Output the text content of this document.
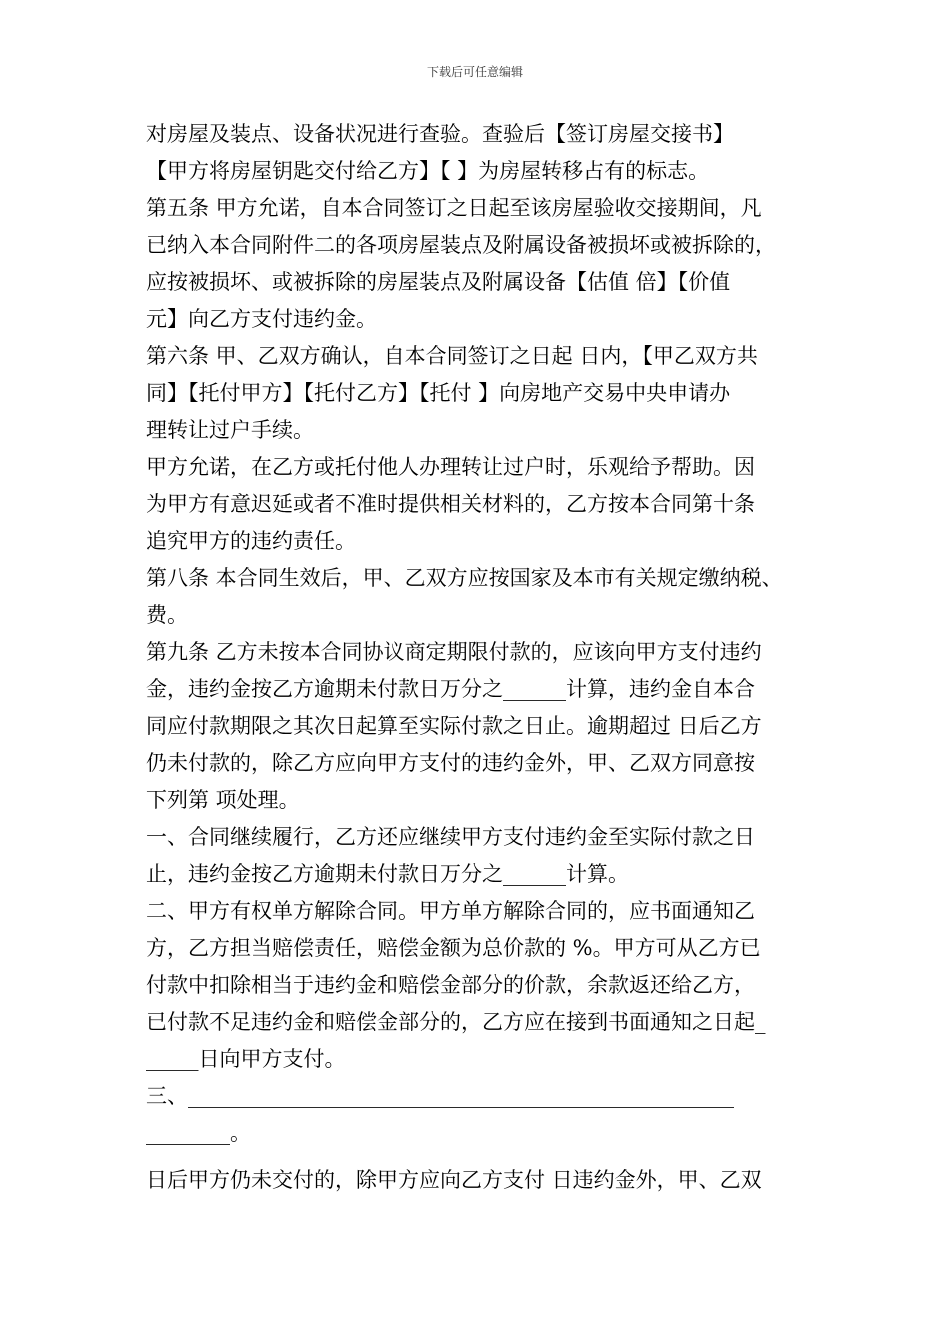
下载后可任意编辑
对房屋及装点、设备状况进行查验。查验后【签订房屋交接书】
【甲方将房屋钥匙交付给乙方】【 】为房屋转移占有的标志。
第五条 甲方允诺，自本合同签订之日起至该房屋验收交接期间，凡
已纳入本合同附件二的各项房屋装点及附属设备被损坏或被拆除的，
应按被损坏、或被拆除的房屋装点及附属设备【估值 倍】【价值
元】向乙方支付违约金。
第六条 甲、乙双方确认，自本合同签订之日起 日内，【甲乙双方共
同】【托付甲方】【托付乙方】【托付 】向房地产交易中央申请办
理转让过户手续。
甲方允诺，在乙方或托付他人办理转让过户时，乐观给予帮助。因
为甲方有意迟延或者不准时提供相关材料的，乙方按本合同第十条
追究甲方的违约责任。
第八条 本合同生效后，甲、乙双方应按国家及本市有关规定缴纳税、
费。
第九条 乙方未按本合同协议商定期限付款的，应该向甲方支付违约
金，违约金按乙方逾期未付款日万分之______计算，违约金自本合
同应付款期限之其次日起算至实际付款之日止。逾期超过 日后乙方
仍未付款的，除乙方应向甲方支付的违约金外，甲、乙双方同意按
下列第 项处理。
一、合同继续履行，乙方还应继续甲方支付违约金至实际付款之日
止，违约金按乙方逾期未付款日万分之______计算。
二、甲方有权单方解除合同。甲方单方解除合同的，应书面通知乙
方，乙方担当赔偿责任，赔偿金额为总价款的 %。甲方可从乙方已
付款中扣除相当于违约金和赔偿金部分的价款，余款返还给乙方，
已付款不足违约金和赔偿金部分的，乙方应在接到书面通知之日起_
_____日向甲方支付。
三、____________________________________________________
________。
日后甲方仍未交付的，除甲方应向乙方支付 日违约金外，甲、乙双
